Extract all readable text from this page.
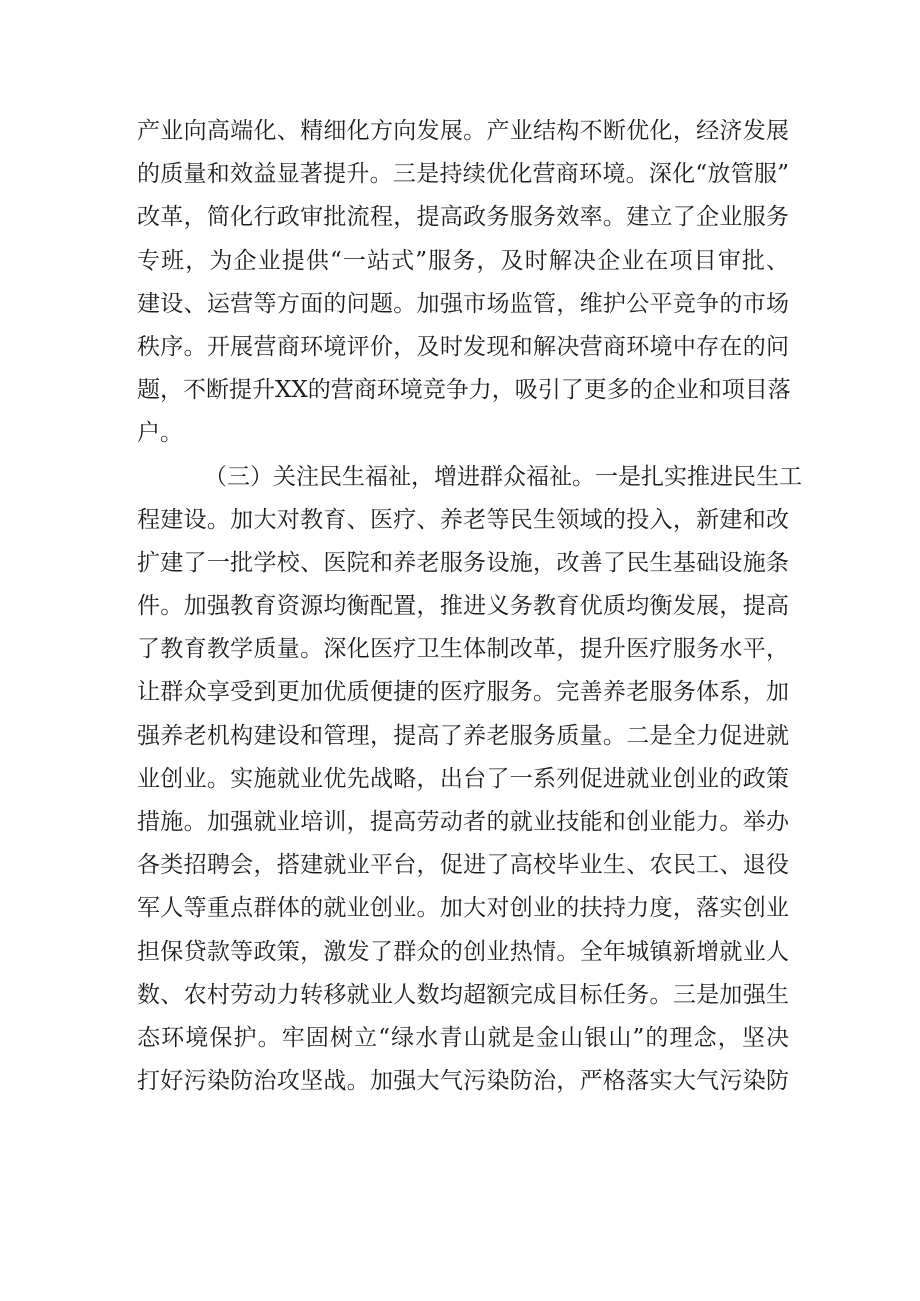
产业向高端化、精细化方向发展。产业结构不断优化，经济发展
的质量和效益显著提升。三是持续优化营商环境。深化“放管服”
改革，简化行政审批流程，提高政务服务效率。建立了企业服务
专班，为企业提供“一站式”服务，及时解决企业在项目审批、
建设、运营等方面的问题。加强市场监管，维护公平竞争的市场
秩序。开展营商环境评价，及时发现和解决营商环境中存在的问
题，不断提升XX的营商环境竞争力，吸引了更多的企业和项目落
户。
（三）关注民生福祉，增进群众福祉。一是扎实推进民生工
程建设。加大对教育、医疗、养老等民生领域的投入，新建和改
扩建了一批学校、医院和养老服务设施，改善了民生基础设施条
件。加强教育资源均衡配置，推进义务教育优质均衡发展，提高
了教育教学质量。深化医疗卫生体制改革，提升医疗服务水平，
让群众享受到更加优质便捷的医疗服务。完善养老服务体系，加
强养老机构建设和管理，提高了养老服务质量。二是全力促进就
业创业。实施就业优先战略，出台了一系列促进就业创业的政策
措施。加强就业培训，提高劳动者的就业技能和创业能力。举办
各类招聘会，搭建就业平台，促进了高校毕业生、农民工、退役
军人等重点群体的就业创业。加大对创业的扶持力度，落实创业
担保贷款等政策，激发了群众的创业热情。全年城镇新增就业人
数、农村劳动力转移就业人数均超额完成目标任务。三是加强生
态环境保护。牢固树立“绿水青山就是金山银山”的理念，坚决
打好污染防治攻坚战。加强大气污染防治，严格落实大气污染防
